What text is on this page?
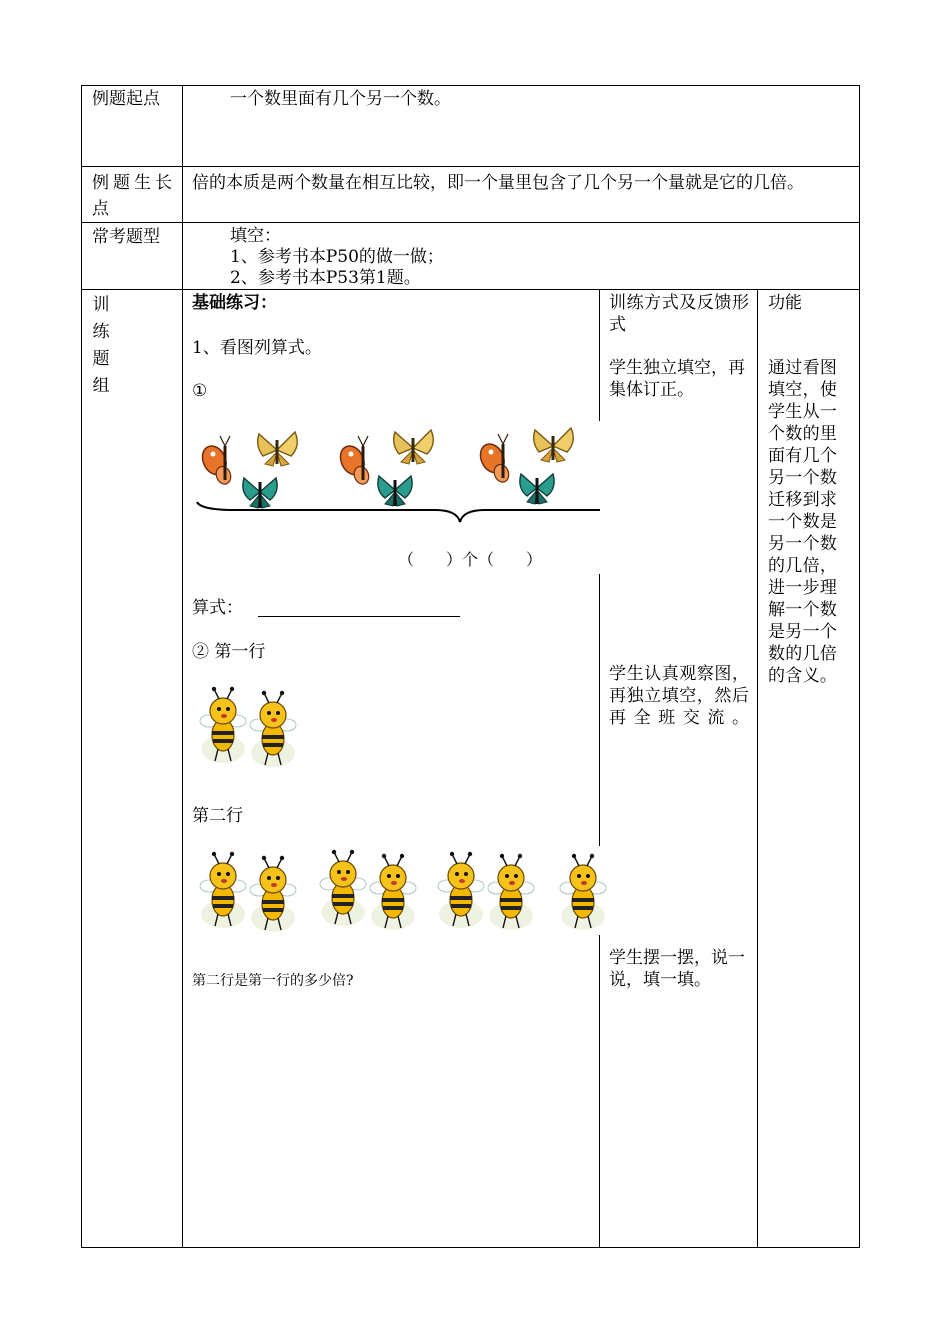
例题起点	一个数里面有几个另一个数。
例题生长点
倍的本质是两个数量在相互比较，即一个量里包含了几个另一个量就是它的几倍。
常考题型	填空：
1、参考书本P50的做一做；
2、参考书本P53第1题。
训
练
题
组
基础练习：
1、看图列算式。
①
（　　）个（　　）
算式：
② 第一行
第二行
第二行是第一行的多少倍?
训练方式及反馈形式
学生独立填空，再集体订正。
学生认真观察图，再独立填空，然后再全班交流。
学生摆一摆，说一说，填一填。
功能
通过看图填空，使学生从一个数的里面有几个另一个数迁移到求一个数是另一个数的几倍，进一步理解一个数是另一个数的几倍的含义。
